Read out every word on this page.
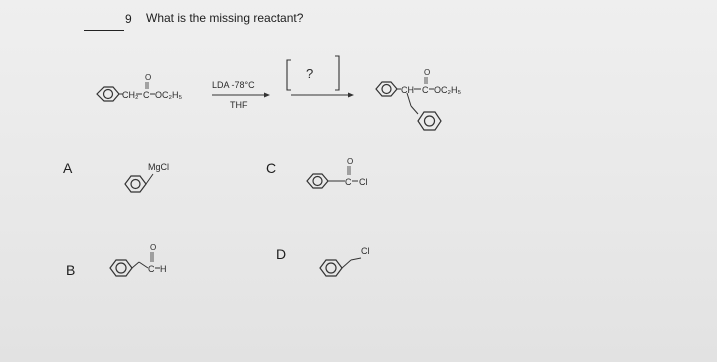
9 What is the missing reactant?
CH₂ C
O
OC₂H₅
LDA -78°C
THF
?
CH C
O
OC₂H₅
MgCl
C
O
Cl
C
O
H
Cl
A	C
B
D
